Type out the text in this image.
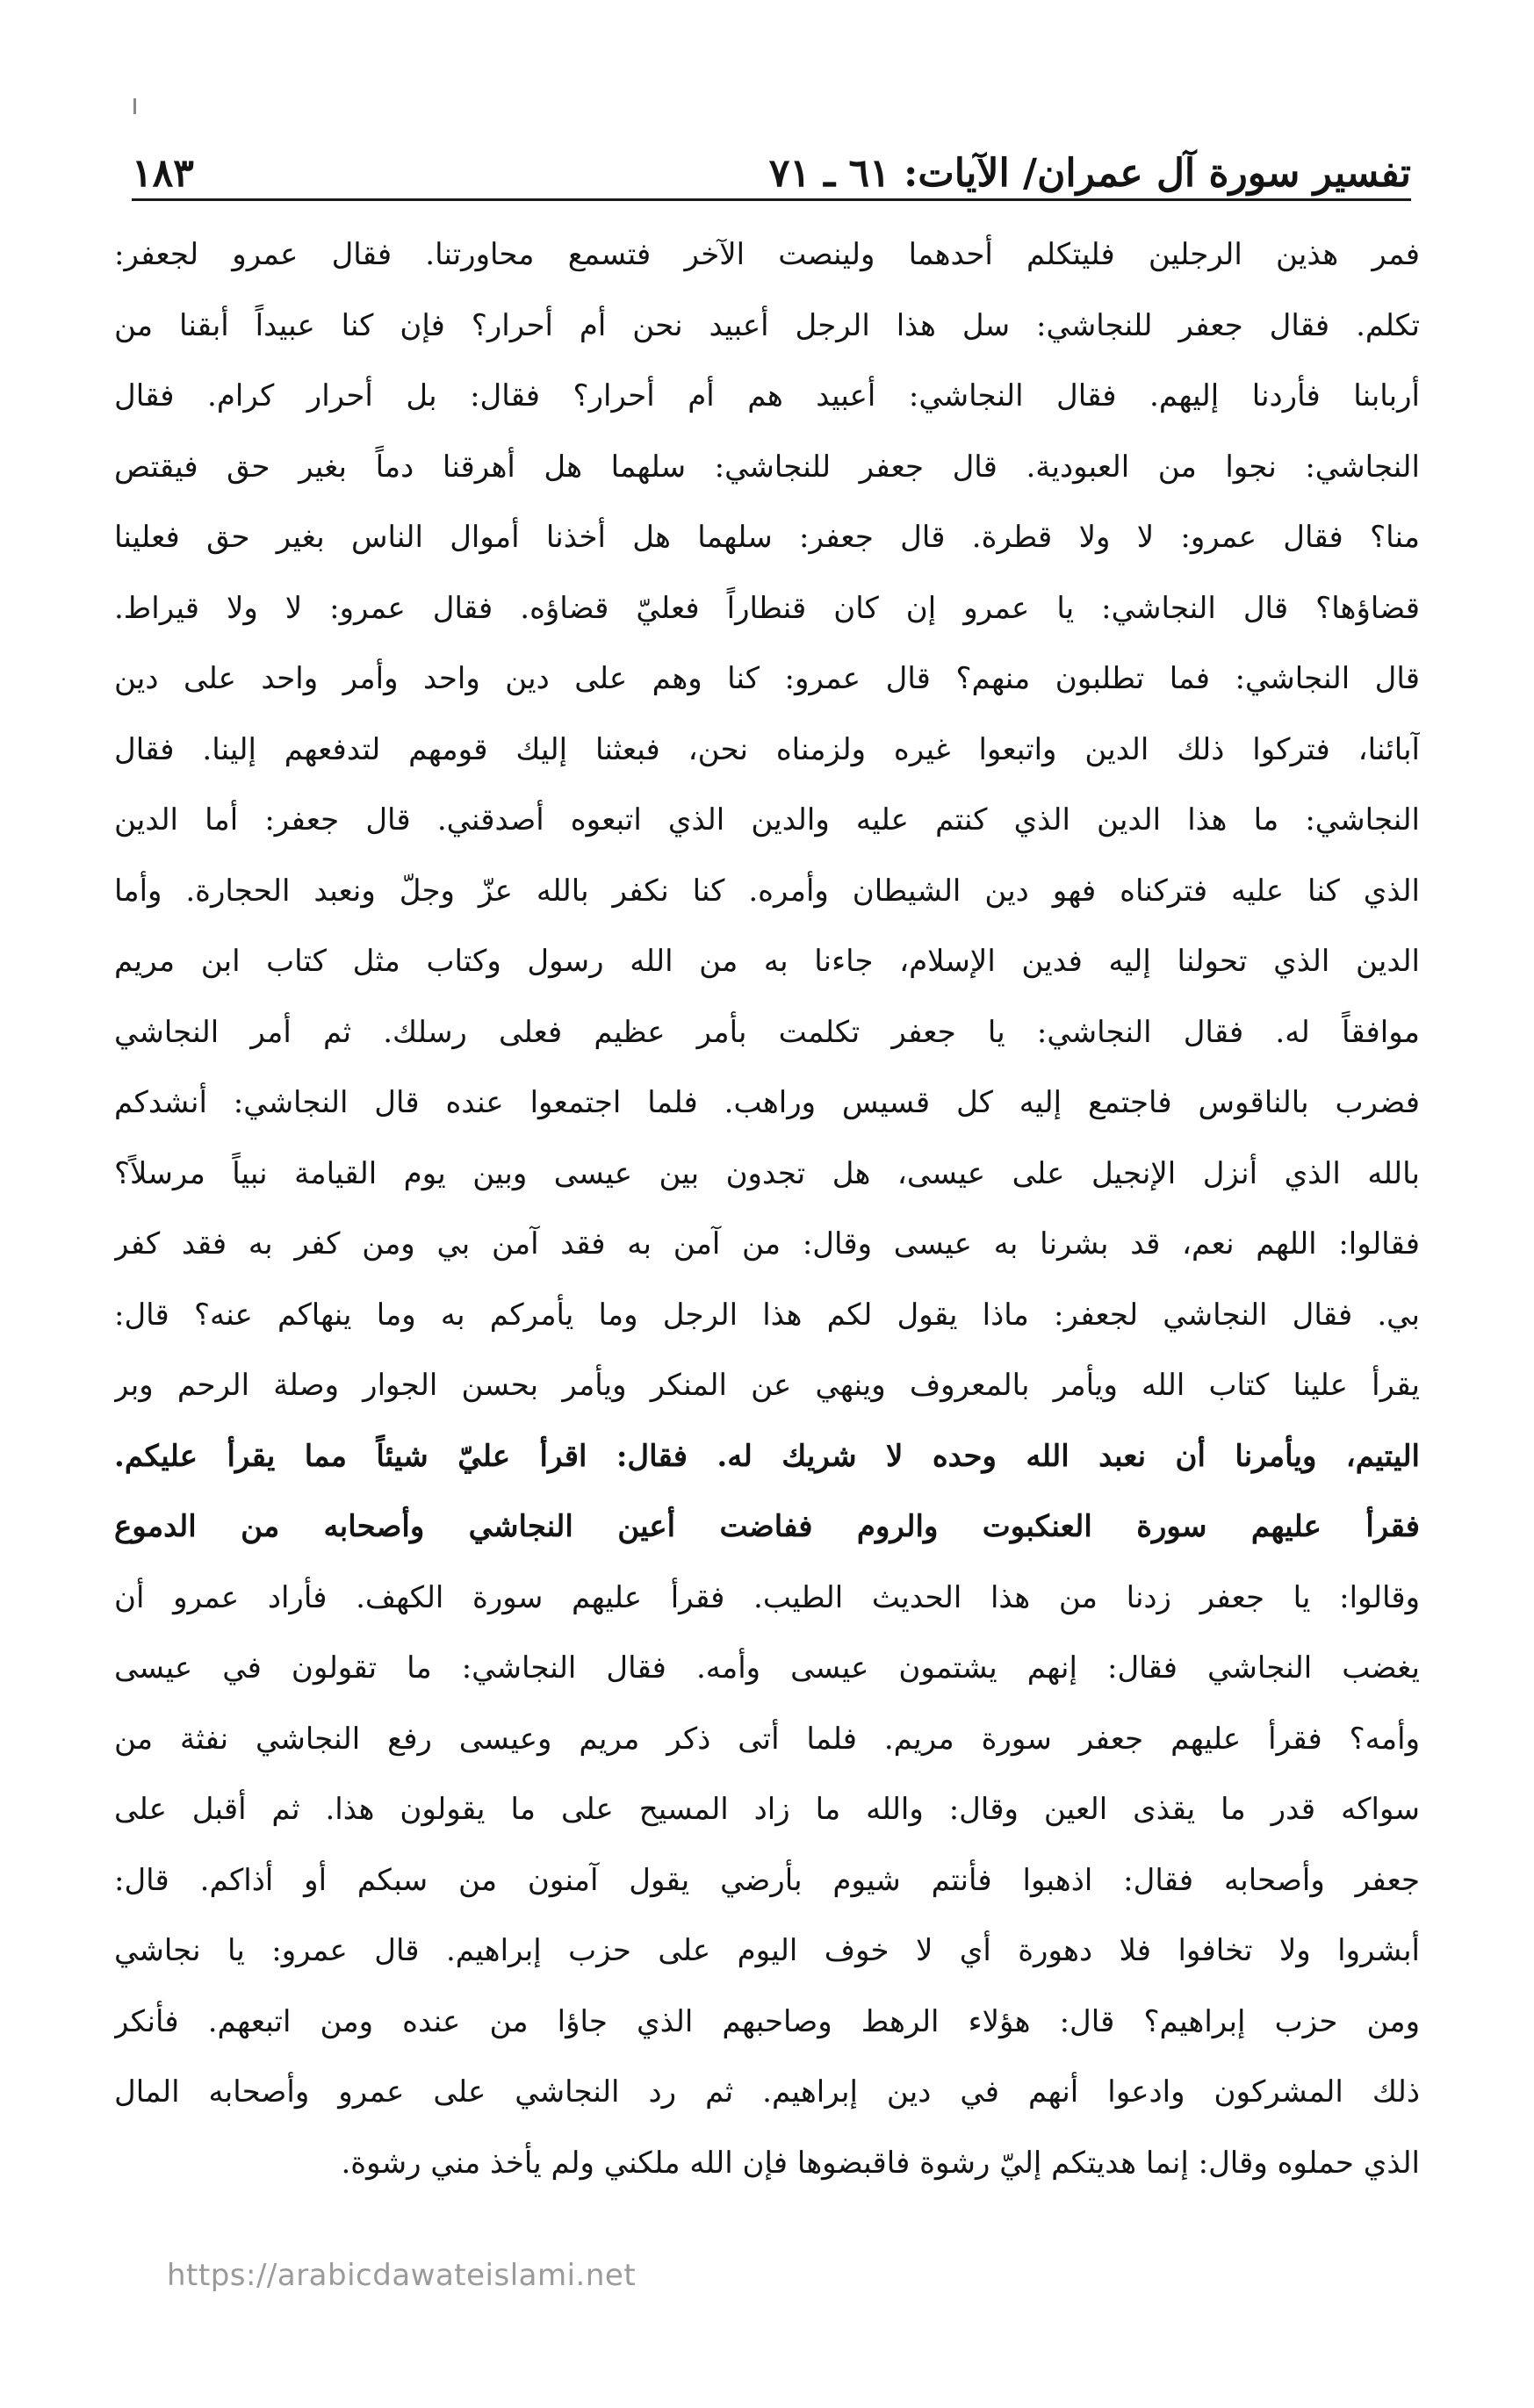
تفسير سورة آل عمران/ الآيات: ٦١ ـ ٧١
١٨٣
فمر هذين الرجلين فليتكلم أحدهما ولينصت الآخر فتسمع محاورتنا. فقال عمرو لجعفر:
تكلم. فقال جعفر للنجاشي: سل هذا الرجل أعبيد نحن أم أحرار؟ فإن كنا عبيداً أبقنا من
أربابنا فأردنا إليهم. فقال النجاشي: أعبيد هم أم أحرار؟ فقال: بل أحرار كرام. فقال
النجاشي: نجوا من العبودية. قال جعفر للنجاشي: سلهما هل أهرقنا دماً بغير حق فيقتص
منا؟ فقال عمرو: لا ولا قطرة. قال جعفر: سلهما هل أخذنا أموال الناس بغير حق فعلينا
قضاؤها؟ قال النجاشي: يا عمرو إن كان قنطاراً فعليّ قضاؤه. فقال عمرو: لا ولا قيراط.
قال النجاشي: فما تطلبون منهم؟ قال عمرو: كنا وهم على دين واحد وأمر واحد على دين
آبائنا، فتركوا ذلك الدين واتبعوا غيره ولزمناه نحن، فبعثنا إليك قومهم لتدفعهم إلينا. فقال
النجاشي: ما هذا الدين الذي كنتم عليه والدين الذي اتبعوه أصدقني. قال جعفر: أما الدين
الذي كنا عليه فتركناه فهو دين الشيطان وأمره. كنا نكفر بالله عزّ وجلّ ونعبد الحجارة. وأما
الدين الذي تحولنا إليه فدين الإسلام، جاءنا به من الله رسول وكتاب مثل كتاب ابن مريم
موافقاً له. فقال النجاشي: يا جعفر تكلمت بأمر عظيم فعلى رسلك. ثم أمر النجاشي
فضرب بالناقوس فاجتمع إليه كل قسيس وراهب. فلما اجتمعوا عنده قال النجاشي: أنشدكم
بالله الذي أنزل الإنجيل على عيسى، هل تجدون بين عيسى وبين يوم القيامة نبياً مرسلاً؟
فقالوا: اللهم نعم، قد بشرنا به عيسى وقال: من آمن به فقد آمن بي ومن كفر به فقد كفر
بي. فقال النجاشي لجعفر: ماذا يقول لكم هذا الرجل وما يأمركم به وما ينهاكم عنه؟ قال:
يقرأ علينا كتاب الله ويأمر بالمعروف وينهي عن المنكر ويأمر بحسن الجوار وصلة الرحم وبر
اليتيم، ويأمرنا أن نعبد الله وحده لا شريك له. فقال: اقرأ عليّ شيئاً مما يقرأ عليكم.
فقرأ عليهم سورة العنكبوت والروم ففاضت أعين النجاشي وأصحابه من الدموع
وقالوا: يا جعفر زدنا من هذا الحديث الطيب. فقرأ عليهم سورة الكهف. فأراد عمرو أن
يغضب النجاشي فقال: إنهم يشتمون عيسى وأمه. فقال النجاشي: ما تقولون في عيسى
وأمه؟ فقرأ عليهم جعفر سورة مريم. فلما أتى ذكر مريم وعيسى رفع النجاشي نفثة من
سواكه قدر ما يقذى العين وقال: والله ما زاد المسيح على ما يقولون هذا. ثم أقبل على
جعفر وأصحابه فقال: اذهبوا فأنتم شيوم بأرضي يقول آمنون من سبكم أو أذاكم. قال:
أبشروا ولا تخافوا فلا دهورة أي لا خوف اليوم على حزب إبراهيم. قال عمرو: يا نجاشي
ومن حزب إبراهيم؟ قال: هؤلاء الرهط وصاحبهم الذي جاؤا من عنده ومن اتبعهم. فأنكر
ذلك المشركون وادعوا أنهم في دين إبراهيم. ثم رد النجاشي على عمرو وأصحابه المال
الذي حملوه وقال: إنما هديتكم إليّ رشوة فاقبضوها فإن الله ملكني ولم يأخذ مني رشوة.
https://arabicdawateislami.net
